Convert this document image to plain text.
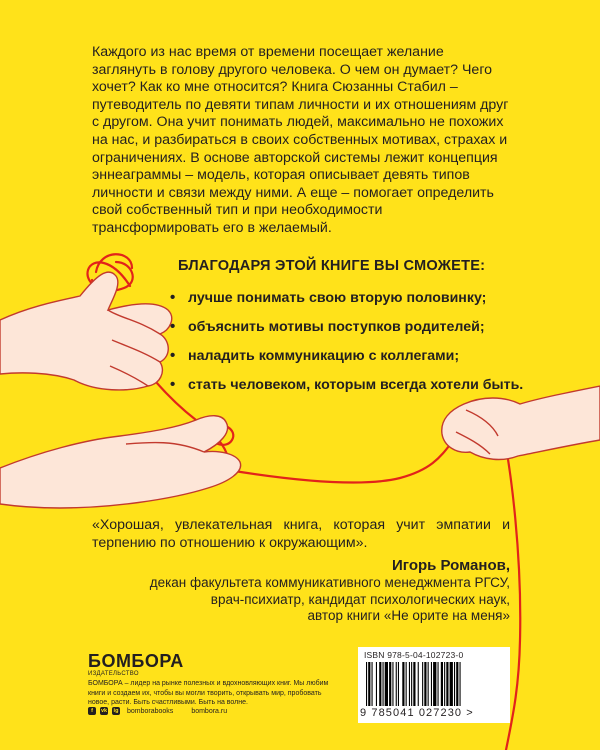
Каждого из нас время от времени посещает желание заглянуть в голову другого человека. О чем он думает? Чего хочет? Как ко мне относится? Книга Сюзанны Стабил – путеводитель по девяти типам личности и их отношениям друг с другом. Она учит понимать людей, максимально не похожих на нас, и разбираться в своих собственных мотивах, страхах и ограничениях. В основе авторской системы лежит концепция эннеаграммы – модель, которая описывает девять типов личности и связи между ними. А еще – помогает определить свой собственный тип и при необходимости трансформировать его в желаемый.

БЛАГОДАРЯ ЭТОЙ КНИГЕ ВЫ СМОЖЕТЕ:
• лучше понимать свою вторую половинку;
• объяснить мотивы поступков родителей;
• наладить коммуникацию с коллегами;
• стать человеком, которым всегда хотели быть.

«Хорошая, увлекательная книга, которая учит эмпатии и терпению по отношению к окружающим».

Игорь Романов,
декан факультета коммуникативного менеджмента РГСУ,
врач-психиатр, кандидат психологических наук,
автор книги «Не орите на меня»
БОМБОРА
ИЗДАТЕЛЬСТВО

БОМБОРА – лидер на рынке полезных и вдохновляющих книг. Мы любим книги и создаем их, чтобы вы могли творить, открывать мир, пробовать новое, расти. Быть счастливыми. Быть на волне.

f	vk ig bomborabooks	bombora.ru
ISBN 978-5-04-102723-0
9 785041 027230 >
